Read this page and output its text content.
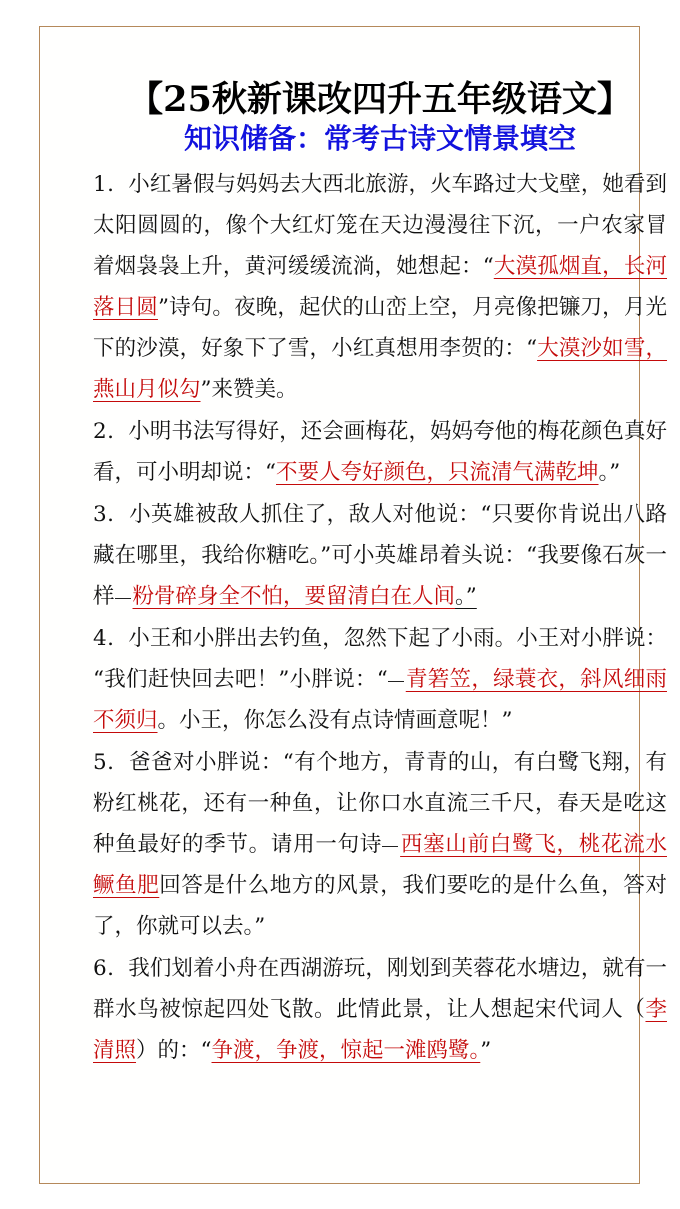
【25秋新课改四升五年级语文】
知识储备：常考古诗文情景填空

1. 小红暑假与妈妈去大西北旅游，火车路过大戈壁，她看到太阳圆圆的，像个大红灯笼在天边漫漫往下沉，一户农家冒着烟袅袅上升，黄河缓缓流淌，她想起：“大漠孤烟直，长河落日圆”诗句。夜晚，起伏的山峦上空，月亮像把镰刀，月光下的沙漠，好象下了雪，小红真想用李贺的：“大漠沙如雪，燕山月似勾”来赞美。

2. 小明书法写得好，还会画梅花，妈妈夸他的梅花颜色真好看，可小明却说：“不要人夸好颜色，只流清气满乾坤。”

3. 小英雄被敌人抓住了，敌人对他说：“只要你肯说出八路藏在哪里，我给你糖吃。”可小英雄昂着头说：“我要像石灰一样 粉骨碎身全不怕，要留清白在人间。”

4. 小王和小胖出去钓鱼，忽然下起了小雨。小王对小胖说：“我们赶快回去吧！”小胖说：“ 青箬笠，绿蓑衣，斜风细雨不须归。小王，你怎么没有点诗情画意呢！”

5. 爸爸对小胖说：“有个地方，青青的山，有白鹭飞翔，有粉红桃花，还有一种鱼，让你口水直流三千尺，春天是吃这种鱼最好的季节。请用一句诗 西塞山前白鹭飞，桃花流水鳜鱼肥回答是什么地方的风景，我们要吃的是什么鱼，答对了，你就可以去。”

6. 我们划着小舟在西湖游玩，刚划到芙蓉花水塘边，就有一群水鸟被惊起四处飞散。此情此景，让人想起宋代词人（李清照）的：“争渡，争渡，惊起一滩鸥鹭。”
